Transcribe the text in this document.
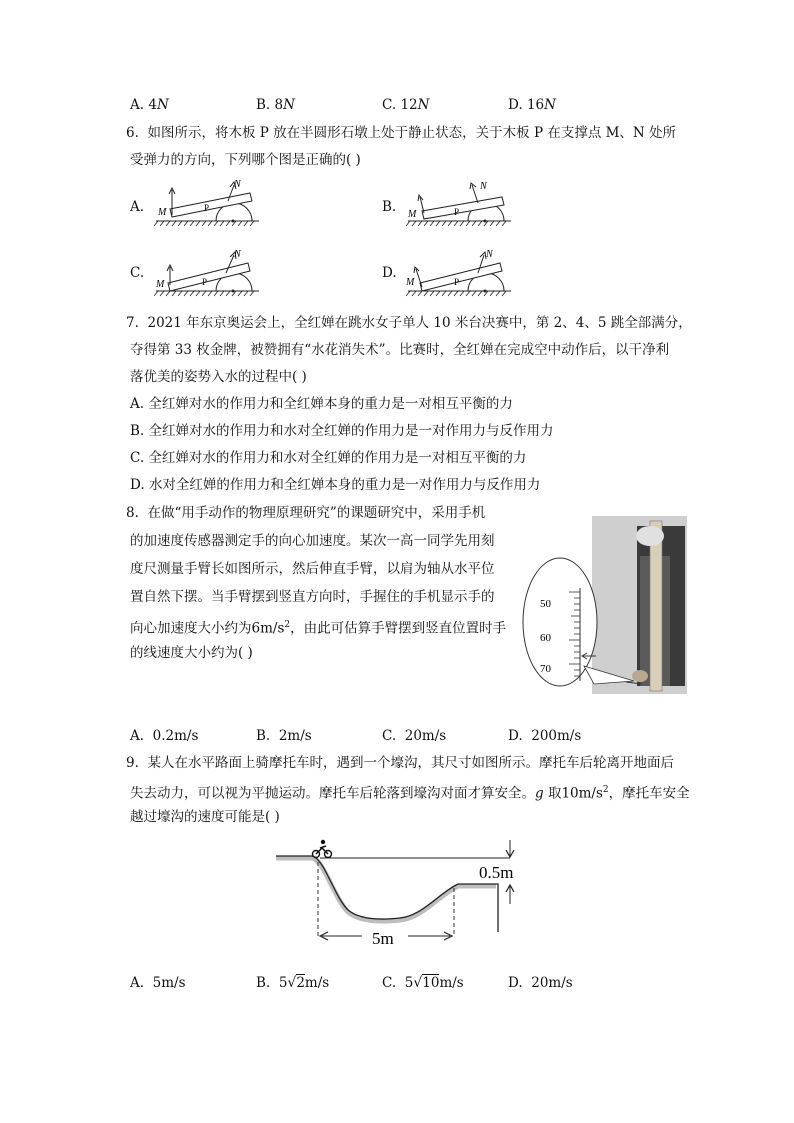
A. 4N	B. 8N	C. 12N	D. 16N
6. 如图所示，将木板 P 放在半圆形石墩上处于静止状态，关于木板 P 在支撑点 M、N 处所
受弹力的方向，下列哪个图是正确的( )
A.	B.
C.	D.
M
N
P
M
N
P
M
N
P	M
N
P
7. 2021 年东京奥运会上，全红婵在跳水女子单人 10 米台决赛中，第 2、4、5 跳全部满分，
夺得第 33 枚金牌，被赞拥有“水花消失术”。比赛时，全红婵在完成空中动作后，以干净利
落优美的姿势入水的过程中( )
A. 全红婵对水的作用力和全红婵本身的重力是一对相互平衡的力
B. 全红婵对水的作用力和水对全红婵的作用力是一对作用力与反作用力
C. 全红婵对水的作用力和水对全红婵的作用力是一对相互平衡的力
D. 水对全红婵的作用力和全红婵本身的重力是一对作用力与反作用力
8. 在做“用手动作的物理原理研究”的课题研究中，采用手机
的加速度传感器测定手的向心加速度。某次一高一同学先用刻
度尺测量手臂长如图所示，然后伸直手臂，以肩为轴从水平位
置自然下摆。当手臂摆到竖直方向时，手握住的手机显示手的
向心加速度大小约为$6m/s^2$，由此可估算手臂摆到竖直位置时手
的线速度大小约为( )
50
60
70
A. 0.2m/s	B. 2m/s	C. 20m/s	D. 200m/s
9. 某人在水平路面上骑摩托车时，遇到一个壕沟，其尺寸如图所示。摩托车后轮离开地面后
失去动力，可以视为平抛运动。摩托车后轮落到壕沟对面才算安全。g 取$10m/s^2$，摩托车安全
越过壕沟的速度可能是( )
5m
0.5m
A. 5m/s	B. 5√2m/s	C. 5√10m/s	D. 20m/s
